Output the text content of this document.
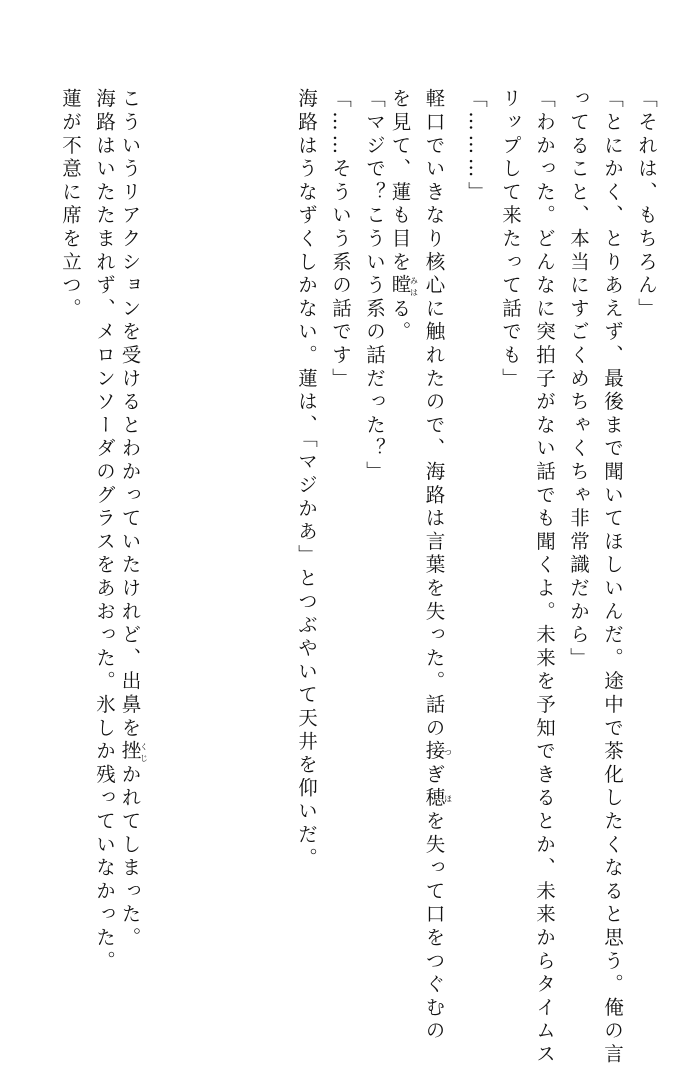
「それは、もちろん」
「とにかく、とりあえず、最後まで聞いてほしいんだ。途中で茶化したくなると思う。俺の言
ってること、本当にすごくめちゃくちゃ非常識だから」
「わかった。どんなに突拍子がない話でも聞くよ。未来を予知できるとか、未来からタイムス
リップして来たって話でも」
「………」
軽口でいきなり核心に触れたので、海路は言葉を失った。話の接つぎ穂ほを失って口をつぐむの
を見て、蓮も目を瞠みはる。
「マジで？こういう系の話だった？」
「……そういう系の話です」
海路はうなずくしかない。蓮は、「マジかあ」とつぶやいて天井を仰いだ。
こういうリアクションを受けるとわかっていたけれど、出鼻を挫くじかれてしまった。
海路はいたたまれず、メロンソーダのグラスをあおった。氷しか残っていなかった。
蓮が不意に席を立つ。
